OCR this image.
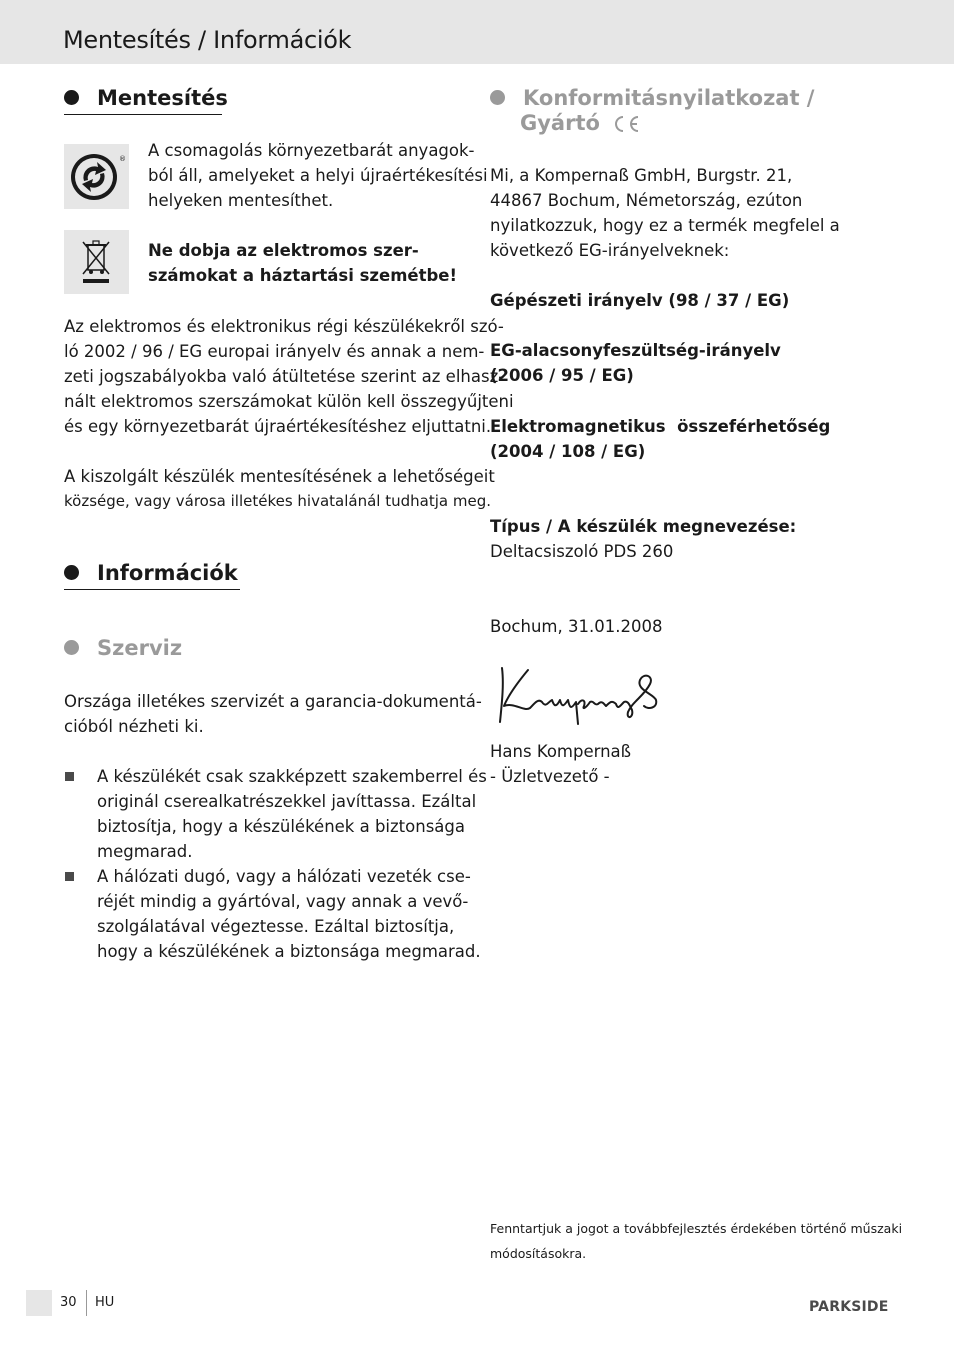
Mentesítés / Információk
Mentesítés
® A csomagolás környezetbarát anyagok-
ból áll, amelyeket a helyi újraértékesítési
helyeken mentesíthet.
Ne dobja az elektromos szer-
számokat a háztartási szemétbe!
Az elektromos és elektronikus régi készülékekről szó-
ló 2002 / 96 / EG europai irányelv és annak a nem-
zeti jogszabályokba való átültetése szerint az elhasz-
nált elektromos szerszámokat külön kell összegyűjteni
és egy környezetbarát újraértékesítéshez eljuttatni.
A kiszolgált készülék mentesítésének a lehetőségeit
községe, vagy városa illetékes hivatalánál tudhatja meg.
Információk
Szerviz
Országa illetékes szervizét a garancia-dokumentá-
cióból nézheti ki.
A készülékét csak szakképzett szakemberrel és
originál cserealkatrészekkel javíttassa. Ezáltal
biztosítja, hogy a készülékének a biztonsága
megmarad.
A hálózati dugó, vagy a hálózati vezeték cse-
réjét mindig a gyártóval, vagy annak a vevő-
szolgálatával végeztesse. Ezáltal biztosítja,
hogy a készülékének a biztonsága megmarad.
Konformitásnyilatkozat /
Gyártó
Mi, a Kompernaß GmbH, Burgstr. 21,
44867 Bochum, Németország, ezúton
nyilatkozzuk, hogy ez a termék megfelel a
következő EG-irányelveknek:
Gépészeti irányelv (98 / 37 / EG)
EG-alacsonyfeszültség-irányelv
(2006 / 95 / EG)
Elektromagnetikus  összeférhetőség
(2004 / 108 / EG)
Típus / A készülék megnevezése:
Deltacsiszoló PDS 260
Bochum, 31.01.2008
Hans Kompernaß
- Üzletvezető -
Fenntartjuk a jogot a továbbfejlesztés érdekében történő műszaki
módosításokra.
30 HU	PARKSIDE
